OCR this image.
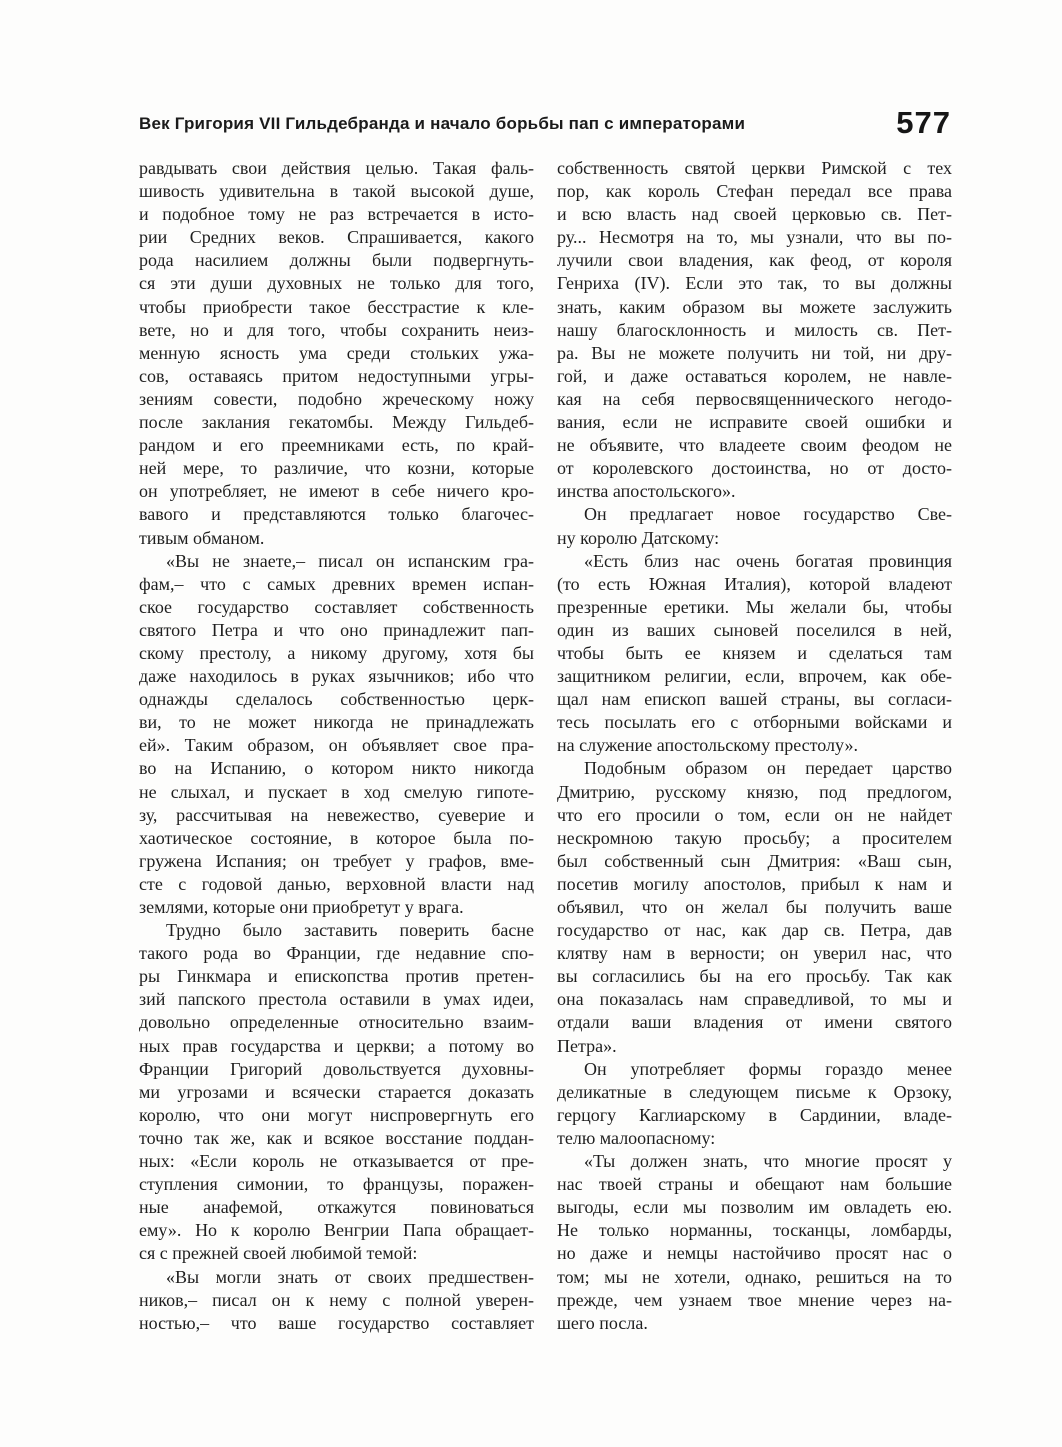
Век Григория VII Гильдебранда и начало борьбы пап с императорами	577
равдывать свои действия целью. Такая фаль-
шивость удивительна в такой высокой душе,
и подобное тому не раз встречается в исто-
рии Средних веков. Спрашивается, какого
рода насилием должны были подвергнуть-
ся эти души духовных не только для того,
чтобы приобрести такое бесстрастие к кле-
вете, но и для того, чтобы сохранить неиз-
менную ясность ума среди стольких ужа-
сов, оставаясь притом недоступными угры-
зениям совести, подобно жреческому ножу
после заклания гекатомбы. Между Гильдеб-
рандом и его преемниками есть, по край-
ней мере, то различие, что козни, которые
он употребляет, не имеют в себе ничего кро-
вавого и представляются только благочес-
тивым обманом.
«Вы не знаете,– писал он испанским гра-
фам,– что с самых древних времен испан-
ское государство составляет собственность
святого Петра и что оно принадлежит пап-
скому престолу, а никому другому, хотя бы
даже находилось в руках язычников; ибо что
однажды сделалось собственностью церк-
ви, то не может никогда не принадлежать
ей». Таким образом, он объявляет свое пра-
во на Испанию, о котором никто никогда
не слыхал, и пускает в ход смелую гипоте-
зу, рассчитывая на невежество, суеверие и
хаотическое состояние, в которое была по-
гружена Испания; он требует у графов, вме-
сте с годовой данью, верховной власти над
землями, которые они приобретут у врага.
Трудно было заставить поверить басне
такого рода во Франции, где недавние спо-
ры Гинкмара и епископства против претен-
зий папского престола оставили в умах идеи,
довольно определенные относительно взаим-
ных прав государства и церкви; а потому во
Франции Григорий довольствуется духовны-
ми угрозами и всячески старается доказать
королю, что они могут ниспровергнуть его
точно так же, как и всякое восстание поддан-
ных: «Если король не отказывается от пре-
ступления симонии, то французы, поражен-
ные анафемой, откажутся повиноваться
ему». Но к королю Венгрии Папа обращает-
ся с прежней своей любимой темой:
«Вы могли знать от своих предшествен-
ников,– писал он к нему с полной уверен-
ностью,– что ваше государство составляет
собственность святой церкви Римской с тех
пор, как король Стефан передал все права
и всю власть над своей церковью св. Пет-
ру... Несмотря на то, мы узнали, что вы по-
лучили свои владения, как феод, от короля
Генриха (IV). Если это так, то вы должны
знать, каким образом вы можете заслужить
нашу благосклонность и милость св. Пет-
ра. Вы не можете получить ни той, ни дру-
гой, и даже оставаться королем, не навле-
кая на себя первосвященнического негодо-
вания, если не исправите своей ошибки и
не объявите, что владеете своим феодом не
от королевского достоинства, но от досто-
инства апостольского».
Он предлагает новое государство Све-
ну королю Датскому:
«Есть близ нас очень богатая провинция
(то есть Южная Италия), которой владеют
презренные еретики. Мы желали бы, чтобы
один из ваших сыновей поселился в ней,
чтобы быть ее князем и сделаться там
защитником религии, если, впрочем, как обе-
щал нам епископ вашей страны, вы согласи-
тесь посылать его с отборными войсками и
на служение апостольскому престолу».
Подобным образом он передает царство
Дмитрию, русскому князю, под предлогом,
что его просили о том, если он не найдет
нескромною такую просьбу; а просителем
был собственный сын Дмитрия: «Ваш сын,
посетив могилу апостолов, прибыл к нам и
объявил, что он желал бы получить ваше
государство от нас, как дар св. Петра, дав
клятву нам в верности; он уверил нас, что
вы согласились бы на его просьбу. Так как
она показалась нам справедливой, то мы и
отдали ваши владения от имени святого
Петра».
Он употребляет формы гораздо менее
деликатные в следующем письме к Орзоку,
герцогу Каглиарскому в Сардинии, владе-
телю малоопасному:
«Ты должен знать, что многие просят у
нас твоей страны и обещают нам большие
выгоды, если мы позволим им овладеть ею.
Не только норманны, тосканцы, ломбарды,
но даже и немцы настойчиво просят нас о
том; мы не хотели, однако, решиться на то
прежде, чем узнаем твое мнение через на-
шего посла.
